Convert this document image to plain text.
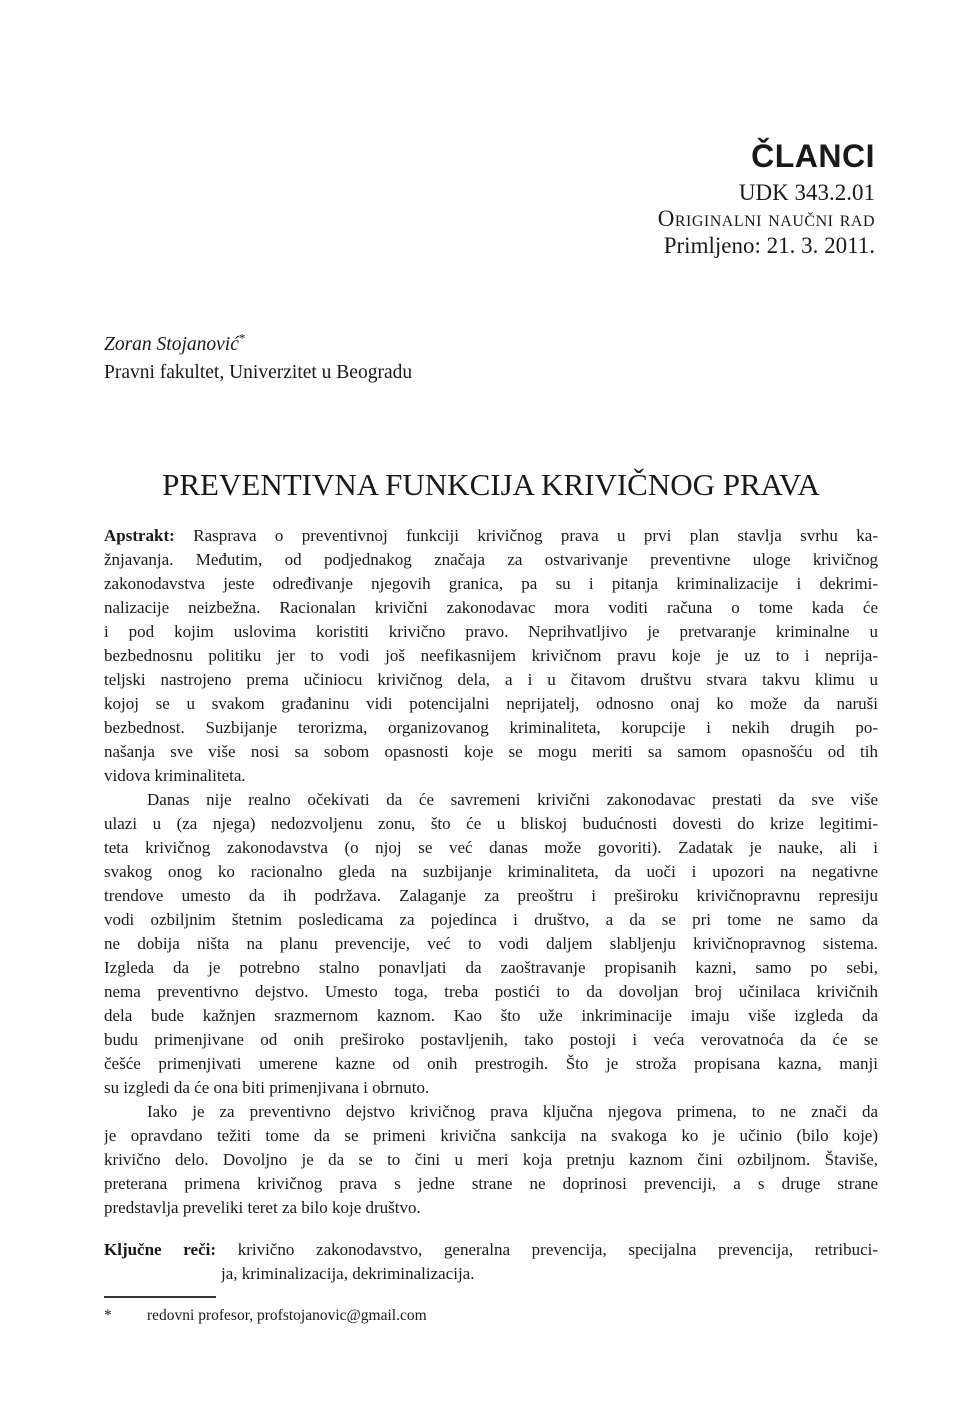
ČLANCI
UDK 343.2.01
Originalni naučni rad
Primljeno: 21. 3. 2011.
Zoran Stojanović*
Pravni fakultet, Univerzitet u Beogradu
PREVENTIVNA FUNKCIJA KRIVIČNOG PRAVA
Apstrakt: Rasprava o preventivnoj funkciji krivičnog prava u prvi plan stavlja svrhu ka-
žnjavanja. Međutim, od podjednakog značaja za ostvarivanje preventivne uloge krivičnog
zakonodavstva jeste određivanje njegovih granica, pa su i pitanja kriminalizacije i dekrimi-
nalizacije neizbežna. Racionalan krivični zakonodavac mora voditi računa o tome kada će
i pod kojim uslovima koristiti krivično pravo. Neprihvatljivo je pretvaranje kriminalne u
bezbednosnu politiku jer to vodi još neefikasnijem krivičnom pravu koje je uz to i neprija-
teljski nastrojeno prema učiniocu krivičnog dela, a i u čitavom društvu stvara takvu klimu u
kojoj se u svakom građaninu vidi potencijalni neprijatelj, odnosno onaj ko može da naruši
bezbednost. Suzbijanje terorizma, organizovanog kriminaliteta, korupcije i nekih drugih po-
našanja sve više nosi sa sobom opasnosti koje se mogu meriti sa samom opasnošću od tih
vidova kriminaliteta.
Danas nije realno očekivati da će savremeni krivični zakonodavac prestati da sve više
ulazi u (za njega) nedozvoljenu zonu, što će u bliskoj budućnosti dovesti do krize legitimi-
teta krivičnog zakonodavstva (o njoj se već danas može govoriti). Zadatak je nauke, ali i
svakog onog ko racionalno gleda na suzbijanje kriminaliteta, da uoči i upozori na negativne
trendove umesto da ih podržava. Zalaganje za preoštru i preširoku krivičnopravnu represiju
vodi ozbiljnim štetnim posledicama za pojedinca i društvo, a da se pri tome ne samo da
ne dobija ništa na planu prevencije, već to vodi daljem slabljenju krivičnopravnog sistema.
Izgleda da je potrebno stalno ponavljati da zaoštravanje propisanih kazni, samo po sebi,
nema preventivno dejstvo. Umesto toga, treba postići to da dovoljan broj učinilaca krivičnih
dela bude kažnjen srazmernom kaznom. Kao što uže inkriminacije imaju više izgleda da
budu primenjivane od onih preširoko postavljenih, tako postoji i veća verovatnoća da će se
češće primenjivati umerene kazne od onih prestrogih. Što je stroža propisana kazna, manji
su izgledi da će ona biti primenjivana i obrnuto.
Iako je za preventivno dejstvo krivičnog prava ključna njegova primena, to ne znači da
je opravdano težiti tome da se primeni krivična sankcija na svakoga ko je učinio (bilo koje)
krivično delo. Dovoljno je da se to čini u meri koja pretnju kaznom čini ozbiljnom. Štaviše,
preterana primena krivičnog prava s jedne strane ne doprinosi prevenciji, a s druge strane
predstavlja preveliki teret za bilo koje društvo.
Ključne reči: krivično zakonodavstvo, generalna prevencija, specijalna prevencija, retribuci-
ja, kriminalizacija, dekriminalizacija.
* redovni profesor, profstojanovic@gmail.com
